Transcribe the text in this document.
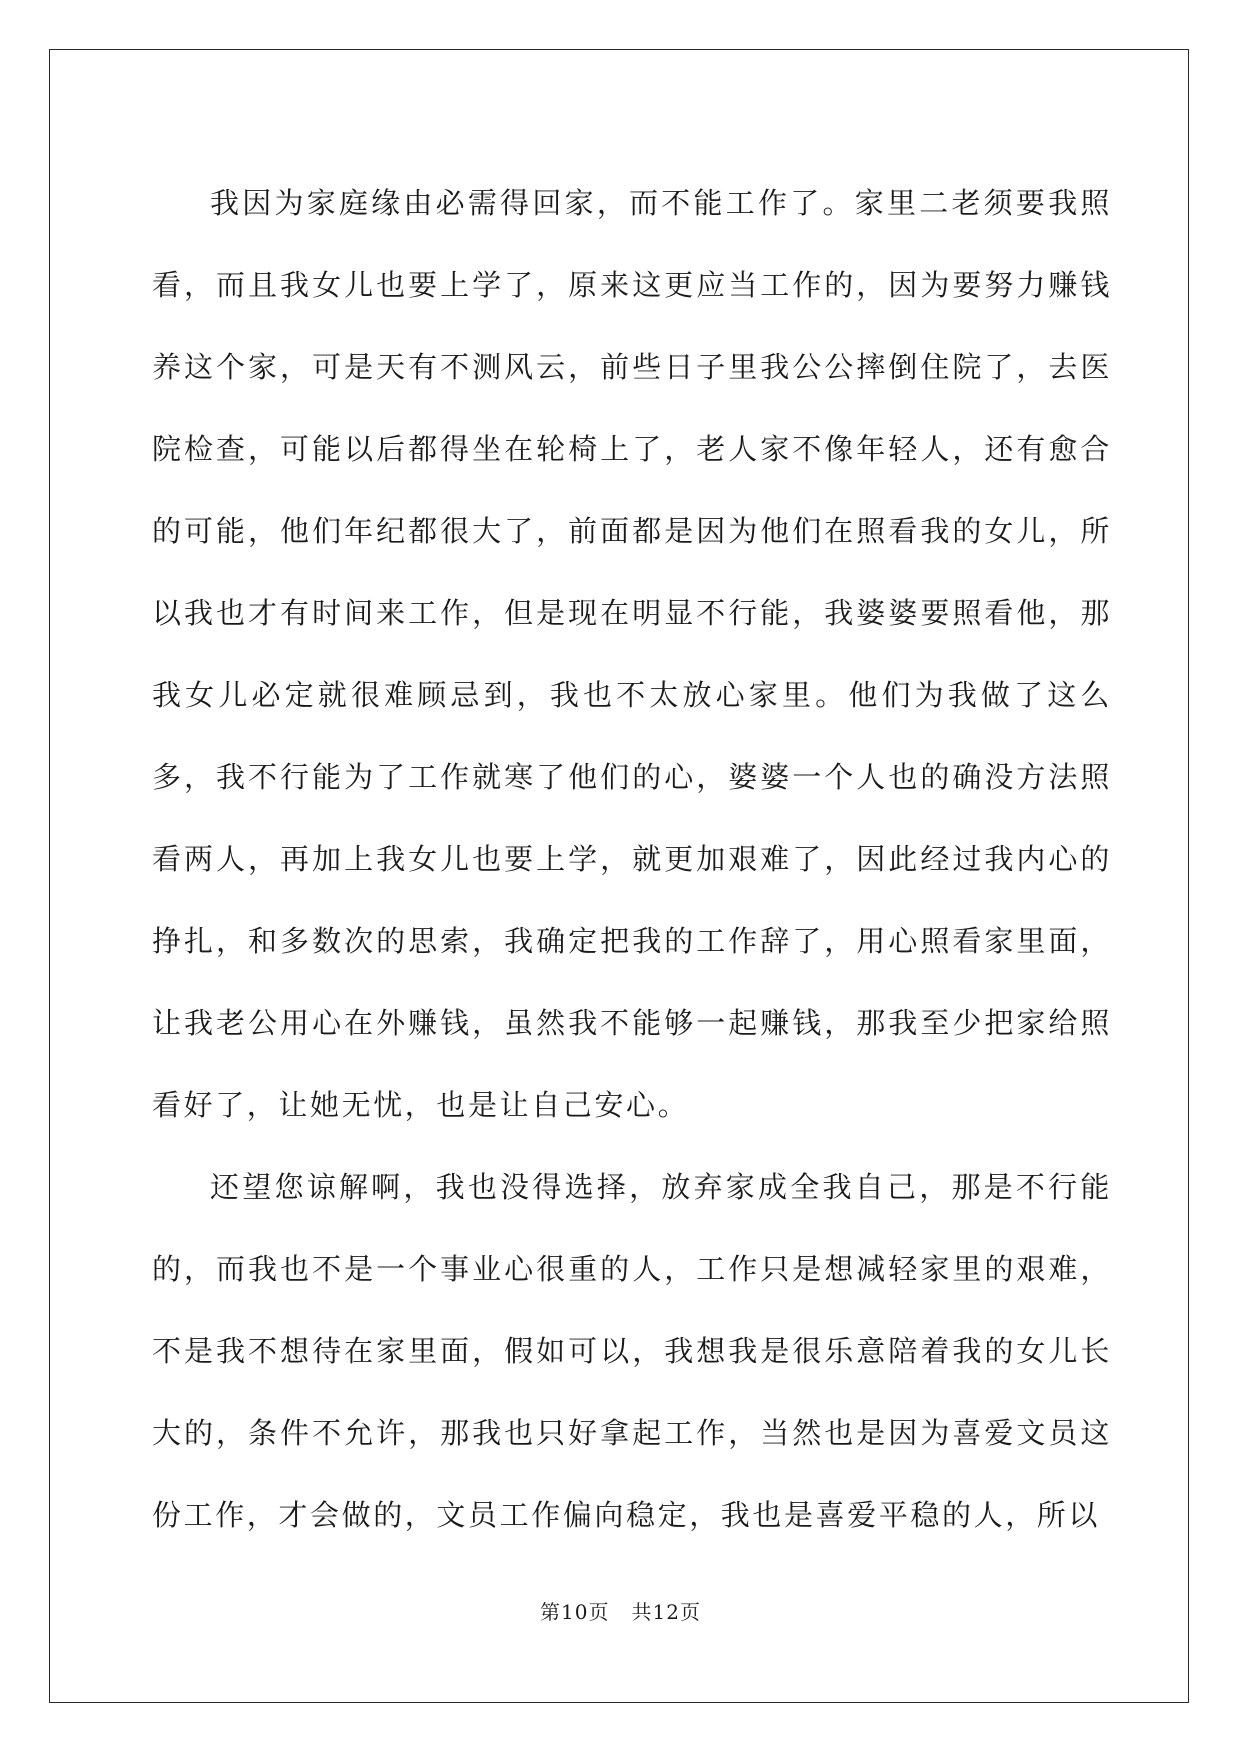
我因为家庭缘由必需得回家，而不能工作了。家里二老须要我照看，而且我女儿也要上学了，原来这更应当工作的，因为要努力赚钱养这个家，可是天有不测风云，前些日子里我公公摔倒住院了，去医院检查，可能以后都得坐在轮椅上了，老人家不像年轻人，还有愈合的可能，他们年纪都很大了，前面都是因为他们在照看我的女儿，所以我也才有时间来工作，但是现在明显不行能，我婆婆要照看他，那我女儿必定就很难顾忌到，我也不太放心家里。他们为我做了这么多，我不行能为了工作就寒了他们的心，婆婆一个人也的确没方法照看两人，再加上我女儿也要上学，就更加艰难了，因此经过我内心的挣扎，和多数次的思索，我确定把我的工作辞了，用心照看家里面，让我老公用心在外赚钱，虽然我不能够一起赚钱，那我至少把家给照看好了，让她无忧，也是让自己安心。

还望您谅解啊，我也没得选择，放弃家成全我自己，那是不行能的，而我也不是一个事业心很重的人，工作只是想减轻家里的艰难，不是我不想待在家里面，假如可以，我想我是很乐意陪着我的女儿长大的，条件不允许，那我也只好拿起工作，当然也是因为喜爱文员这份工作，才会做的，文员工作偏向稳定，我也是喜爱平稳的人，所以

第10页 共12页
